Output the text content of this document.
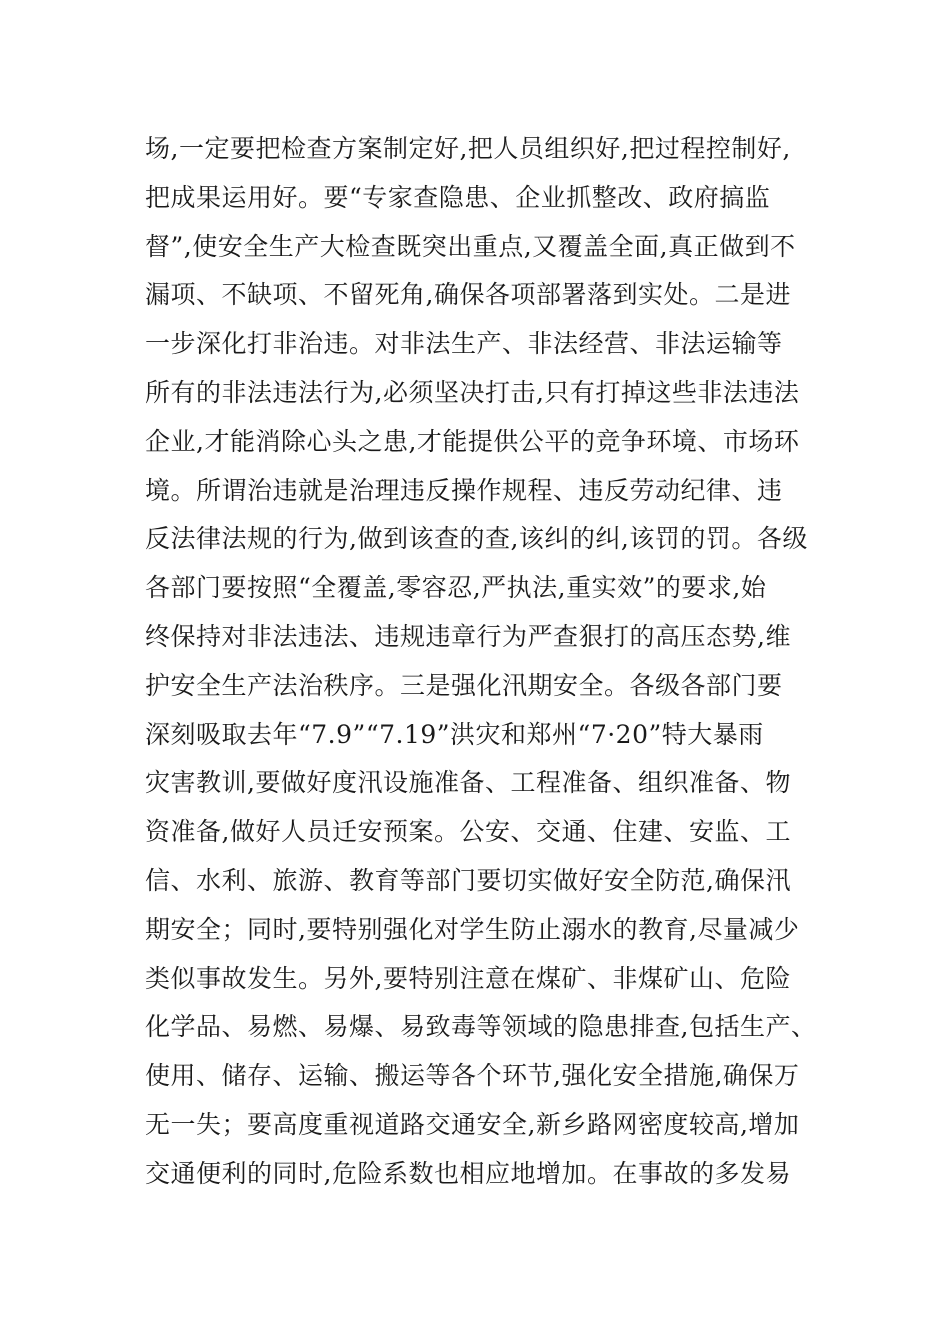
场,一定要把检查方案制定好,把人员组织好,把过程控制好,
把成果运用好。要“专家查隐患、企业抓整改、政府搞监
督”,使安全生产大检查既突出重点,又覆盖全面,真正做到不
漏项、不缺项、不留死角,确保各项部署落到实处。二是进
一步深化打非治违。对非法生产、非法经营、非法运输等
所有的非法违法行为,必须坚决打击,只有打掉这些非法违法
企业,才能消除心头之患,才能提供公平的竞争环境、市场环
境。所谓治违就是治理违反操作规程、违反劳动纪律、违
反法律法规的行为,做到该查的查,该纠的纠,该罚的罚。各级
各部门要按照“全覆盖,零容忍,严执法,重实效”的要求,始
终保持对非法违法、违规违章行为严查狠打的高压态势,维
护安全生产法治秩序。三是强化汛期安全。各级各部门要
深刻吸取去年“7.9”“7.19”洪灾和郑州“7·20”特大暴雨
灾害教训,要做好度汛设施准备、工程准备、组织准备、物
资准备,做好人员迁安预案。公安、交通、住建、安监、工
信、水利、旅游、教育等部门要切实做好安全防范,确保汛
期安全；同时,要特别强化对学生防止溺水的教育,尽量减少
类似事故发生。另外,要特别注意在煤矿、非煤矿山、危险
化学品、易燃、易爆、易致毒等领域的隐患排查,包括生产、
使用、储存、运输、搬运等各个环节,强化安全措施,确保万
无一失；要高度重视道路交通安全,新乡路网密度较高,增加
交通便利的同时,危险系数也相应地增加。在事故的多发易
